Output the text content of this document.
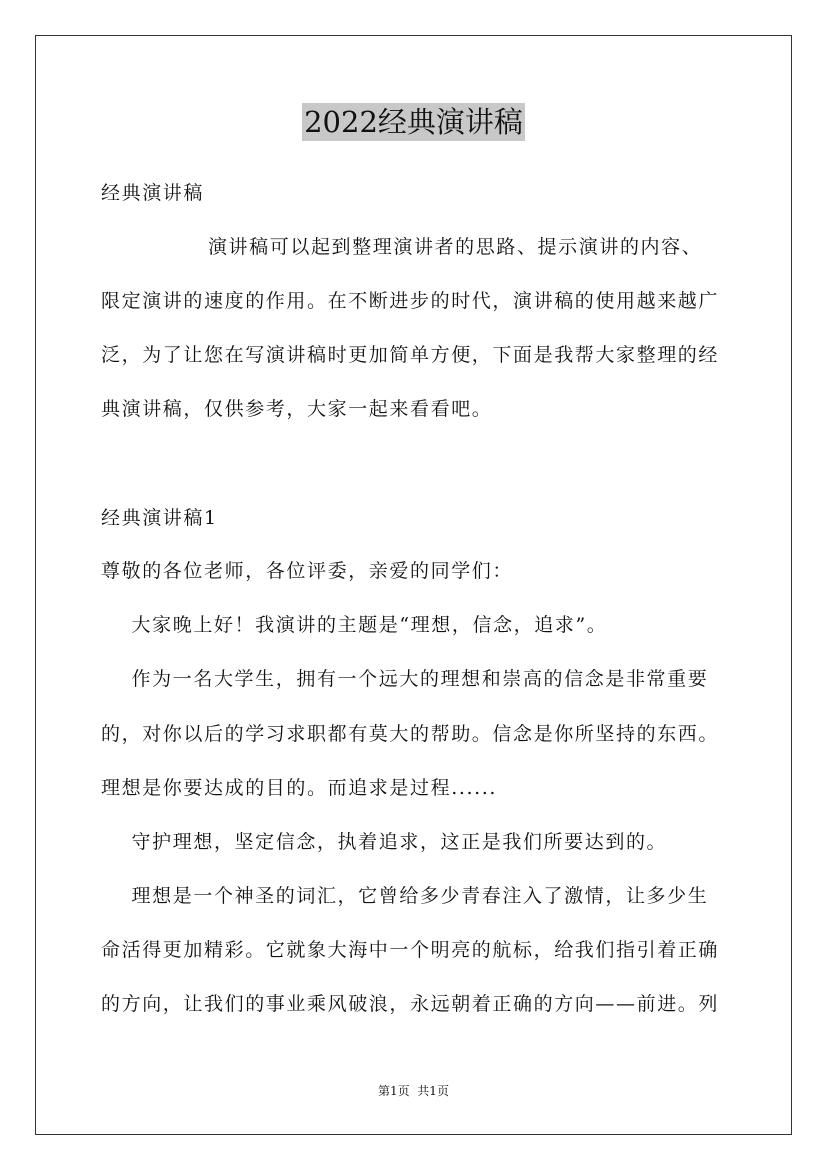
2022经典演讲稿
经典演讲稿
演讲稿可以起到整理演讲者的思路、提示演讲的内容、
限定演讲的速度的作用。在不断进步的时代，演讲稿的使用越来越广
泛，为了让您在写演讲稿时更加简单方便，下面是我帮大家整理的经
典演讲稿，仅供参考，大家一起来看看吧。
经典演讲稿1
尊敬的各位老师，各位评委，亲爱的同学们：
大家晚上好！我演讲的主题是“理想，信念，追求”。
作为一名大学生，拥有一个远大的理想和崇高的信念是非常重要
的，对你以后的学习求职都有莫大的帮助。信念是你所坚持的东西。
理想是你要达成的目的。而追求是过程......
守护理想，坚定信念，执着追求，这正是我们所要达到的。
理想是一个神圣的词汇，它曾给多少青春注入了激情，让多少生
命活得更加精彩。它就象大海中一个明亮的航标，给我们指引着正确
的方向，让我们的事业乘风破浪，永远朝着正确的方向——前进。列
第1页  共1页
